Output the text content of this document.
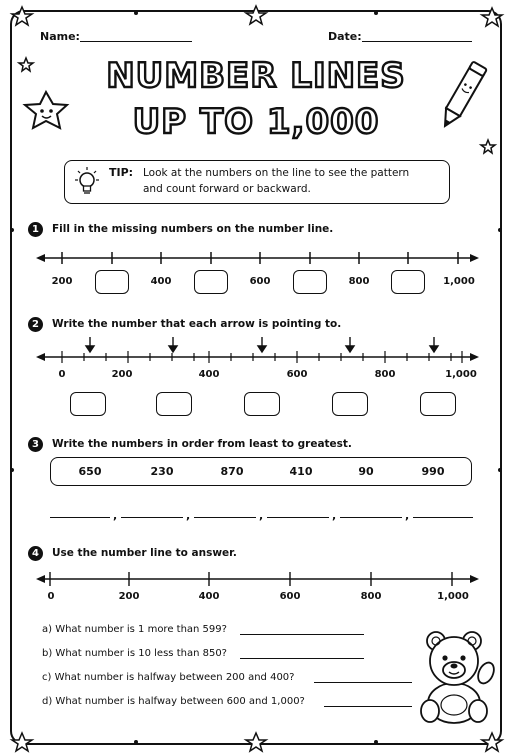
Name:	Date:
NUMBER LINES
UP TO 1,000
TIP: Look at the numbers on the line to see the pattern
and count forward or backward.
1	Fill in the missing numbers on the number line.
200	400	600	800	1,000
2	Write the number that each arrow is pointing to.
0	200	400	600	800	1,000
3	Write the numbers in order from least to greatest.
650	230	870	410	90	990
,	,	,	,	,
4	Use the number line to answer.
0	200	400	600	800	1,000
a) What number is 1 more than 599?
b) What number is 10 less than 850?
c) What number is halfway between 200 and 400?
d) What number is halfway between 600 and 1,000?
